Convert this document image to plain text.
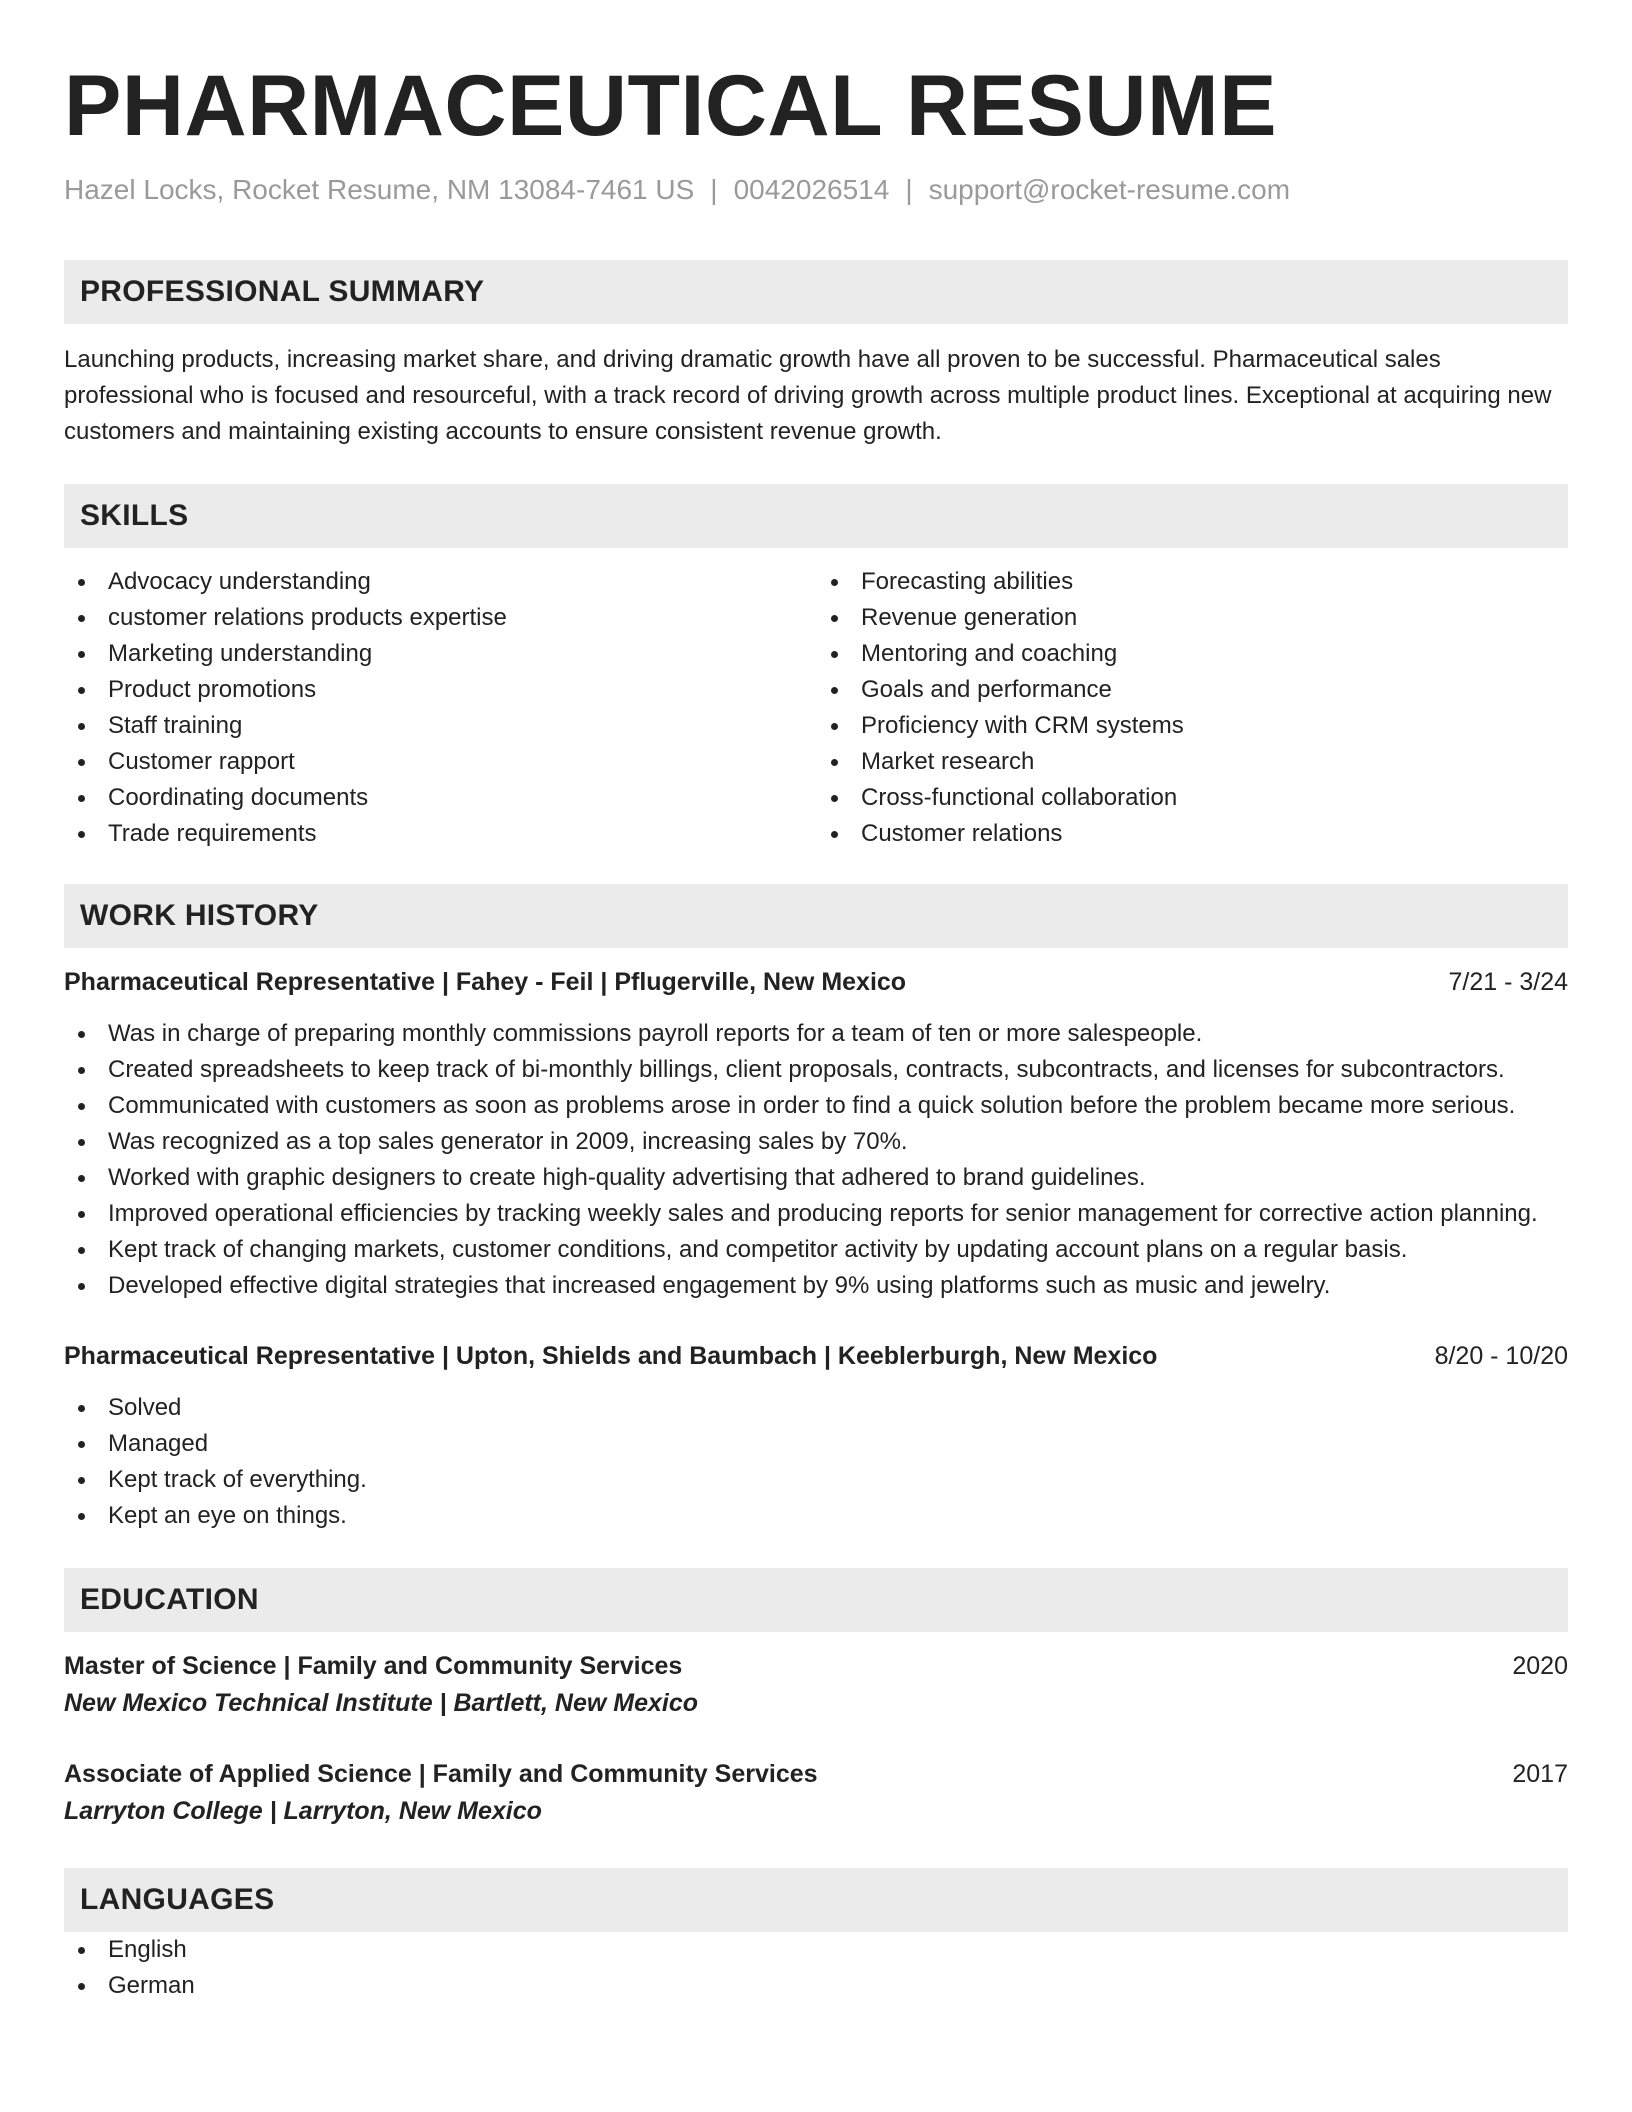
PHARMACEUTICAL RESUME
Hazel Locks, Rocket Resume, NM 13084-7461 US | 0042026514 | support@rocket-resume.com
PROFESSIONAL SUMMARY

Launching products, increasing market share, and driving dramatic growth have all proven to be successful. Pharmaceutical sales professional who is focused and resourceful, with a track record of driving growth across multiple product lines. Exceptional at acquiring new customers and maintaining existing accounts to ensure consistent revenue growth.

SKILLS
Advocacy understanding
customer relations products expertise
Marketing understanding
Product promotions
Staff training
Customer rapport
Coordinating documents
Trade requirements
Forecasting abilities
Revenue generation
Mentoring and coaching
Goals and performance
Proficiency with CRM systems
Market research
Cross-functional collaboration
Customer relations
WORK HISTORY
Pharmaceutical Representative | Fahey - Feil | Pflugerville, New Mexico	7/21 - 3/24
Was in charge of preparing monthly commissions payroll reports for a team of ten or more salespeople.
Created spreadsheets to keep track of bi-monthly billings, client proposals, contracts, subcontracts, and licenses for subcontractors.
Communicated with customers as soon as problems arose in order to find a quick solution before the problem became more serious.
Was recognized as a top sales generator in 2009, increasing sales by 70%.
Worked with graphic designers to create high-quality advertising that adhered to brand guidelines.
Improved operational efficiencies by tracking weekly sales and producing reports for senior management for corrective action planning.
Kept track of changing markets, customer conditions, and competitor activity by updating account plans on a regular basis.
Developed effective digital strategies that increased engagement by 9% using platforms such as music and jewelry.
Pharmaceutical Representative | Upton, Shields and Baumbach | Keeblerburgh, New Mexico	8/20 - 10/20
Solved
Managed
Kept track of everything.
Kept an eye on things.
EDUCATION
Master of Science | Family and Community Services	2020
New Mexico Technical Institute | Bartlett, New Mexico
Associate of Applied Science | Family and Community Services	2017
Larryton College | Larryton, New Mexico
LANGUAGES
English
German
